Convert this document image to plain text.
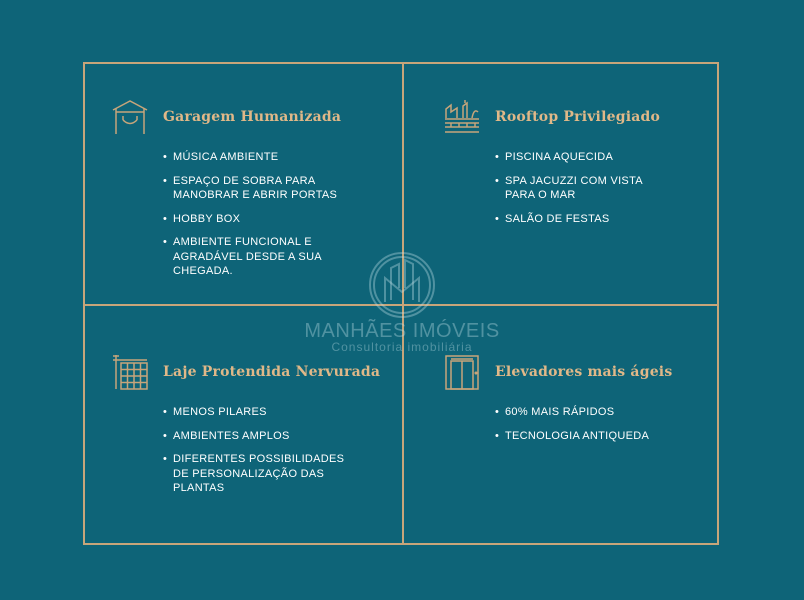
Garagem Humanizada
• MÚSICA AMBIENTE
• ESPAÇO DE SOBRA PARA MANOBRAR E ABRIR PORTAS
• HOBBY BOX
• AMBIENTE FUNCIONAL E AGRADÁVEL DESDE A SUA CHEGADA.
Rooftop Privilegiado
• PISCINA AQUECIDA
• SPA JACUZZI COM VISTA PARA O MAR
• SALÃO DE FESTAS
Laje Protendida Nervurada
• MENOS PILARES
• AMBIENTES AMPLOS
• DIFERENTES POSSIBILIDADES DE PERSONALIZAÇÃO DAS PLANTAS
Elevadores mais ágeis
• 60% MAIS RÁPIDOS
• TECNOLOGIA ANTIQUEDA
MANHÃES IMÓVEIS
Consultoria imobiliária
